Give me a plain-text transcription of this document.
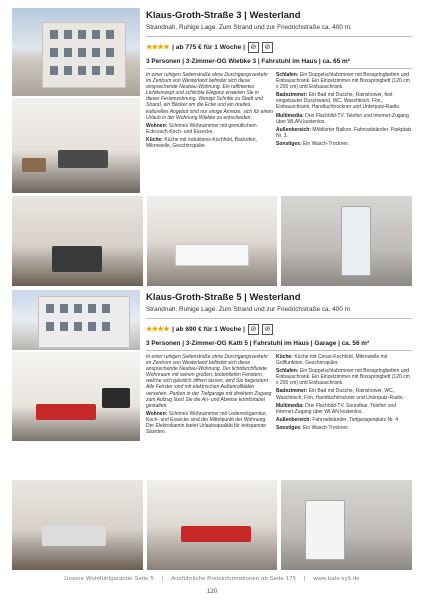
Klaus-Groth-Straße 3 | Westerland
Strandnah. Ruhige Lage. Zum Strand und zur Friedrichstraße ca. 400 m.
★★★★ | ab 775 € für 1 Woche | ⊘	⊘
3 Personen | 3-Zimmer-OG Wiebke 3 | Fahrstuhl im Haus | ca. 65 m²

In einer ruhigen Seitenstraße ohne Durchgangsverkehr im Zentrum von Westerland befindet sich diese ansprechende Neubau-Wohnung. Ein raffiniertes Lichtkonzept und schlichte Eleganz erwarten Sie in dieser Ferienwohnung. Wenige Schritte zu Stadt und Strand, ein Bäcker um die Ecke und ein breites, kulturelles Angebot sind nur einige Anreize, sich für einen Urlaub in der Wohnung Wiebke zu entscheiden.

Wohnen: Schönes Wohnzimmer mit gemütlichem Eckcouch-Koch- und Essecke.

Küche: Küche mit Induktions-Kochfeld, Backofen, Mikrowelle, Geschirrspüler.

Schlafen: Ein Doppelschlafzimmer mit Boxspringbetten und Einbauschrank. Ein Einzelzimmer mit Boxspringbett (120 cm x 200 cm) und Einbauschrank.

Badezimmer: Ein Bad mit Dusche, Rainshower, fest eingebauter Duschwand, WC, Waschtisch, Fön, Einbauschrank, Handtuchtrockner und Unterputz-Radio.

Multimedia: Drei Flachbild-TV. Telefon und Internet-Zugang über WLAN kostenlos.

Außenbereich: Möblierter Balkon. Fahrradständer. Parkplatz Nr. 3.

Sonstiges: Ein Wasch-Trockner.

Klaus-Groth-Straße 5 | Westerland
Strandnah. Ruhige Lage. Zum Strand und zur Friedrichstraße ca. 400 m
★★★★ | ab 690 € für 1 Woche | ⊘	⊘
3 Personen | 3-Zimmer-OG Katti 5 | Fahrstuhl im Haus | Garage | ca. 56 m²

In einer ruhigen Seitenstraße ohne Durchgangsverkehr im Zentrum von Westerland befindet sich diese ansprechende Neubau-Wohnung. Der lichtdurchflutete Wohnraum mit seinen großen, bodentiefen Fenstern, welche sich gänzlich öffnen lassen, wird Sie begeistern. Alle Fenster sind mit elektrischen Außenrollläden versehen. Parken in der Tiefgarage mit direktem Zugang zum Aufzug lässt Sie die An- und Abreise komfortabel gestalten.

Wohnen: Schönes Wohnzimmer mit Ledereckgarnitur, Koch- und Essecke sind der Mittelpunkt der Wohnung. Der Elektrokamin bietet Urlaubsqualität für entspannte Stunden.

Küche: Küche mit Ceran-Kochfeld, Mikrowelle mit Grillfunktion, Geschirrspüler.

Schlafen: Ein Doppelschlafzimmer mit Boxspringbetten und Einbauschrank. Ein Einzelzimmer mit Boxspringbett (120 cm x 200 cm) und Einbauschrank.

Badezimmer: Ein Bad mit Dusche, Rainshower, WC, Waschtisch, Fön, Handtuchtrockner und Unterputz-Radio.

Multimedia: Drei Flachbild-TV. Soundbar. Telefon und Internet-Zugang über WLAN kostenlos.

Außenbereich: Fahrradständer. Tiefgaragenplatz Nr. 4

Sonstiges: Ein Wasch-Trockner.

Unsere Wohlfühlgarantie Seite 5 | Ausführliche Preisinformationen ab Seite 175 | www.bals-sylt.de
120
